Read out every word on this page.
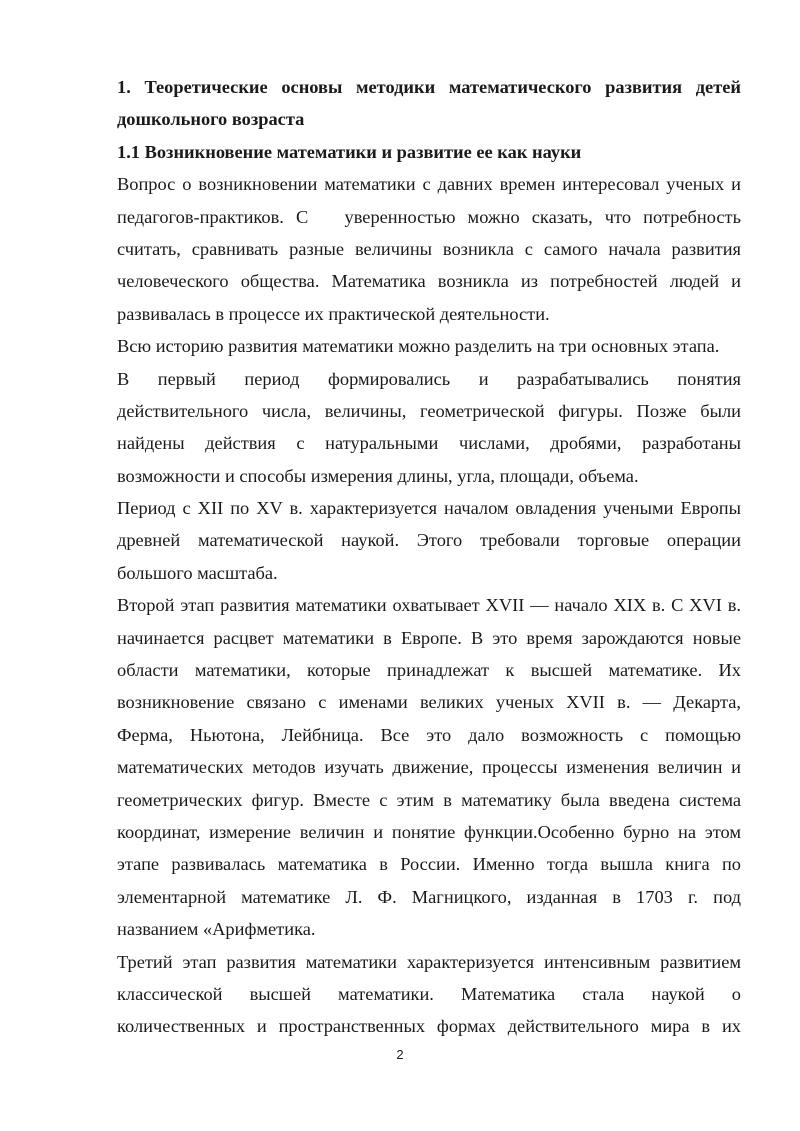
1. Теоретические основы методики математического развития детей
дошкольного возраста
1.1 Возникновение математики и развитие ее как науки
Вопрос о возникновении математики с давних времен интересовал ученых и
педагогов-практиков. С   уверенностью можно сказать, что потребность
считать, сравнивать разные величины возникла с самого начала развития
человеческого общества. Математика возникла из потребностей людей и
развивалась в процессе их практической деятельности.
Всю историю развития математики можно разделить на три основных этапа.
В первый период формировались и разрабатывались понятия
действительного числа, величины, геометрической фигуры. Позже были
найдены действия с натуральными числами, дробями, разработаны
возможности и способы измерения длины, угла, площади, объема.
Период с XII по XV в. характеризуется началом овладения учеными Европы
древней математической наукой. Этого требовали торговые операции
большого масштаба.
Второй этап развития математики охватывает XVII — начало XIX в. С XVI в.
начинается расцвет математики в Европе. В это время зарождаются новые
области математики, которые принадлежат к высшей математике. Их
возникновение связано с именами великих ученых XVII в. — Декарта,
Ферма, Ньютона, Лейбница. Все это дало возможность с помощью
математических методов изучать движение, процессы изменения величин и
геометрических фигур. Вместе с этим в математику была введена система
координат, измерение величин и понятие функции.Особенно бурно на этом
этапе развивалась математика в России. Именно тогда вышла книга по
элементарной математике Л. Ф. Магницкого, изданная в 1703 г. под
названием «Арифметика.
Третий этап развития математики характеризуется интенсивным развитием
классической высшей математики. Математика стала наукой о
количественных и пространственных формах действительного мира в их
2
